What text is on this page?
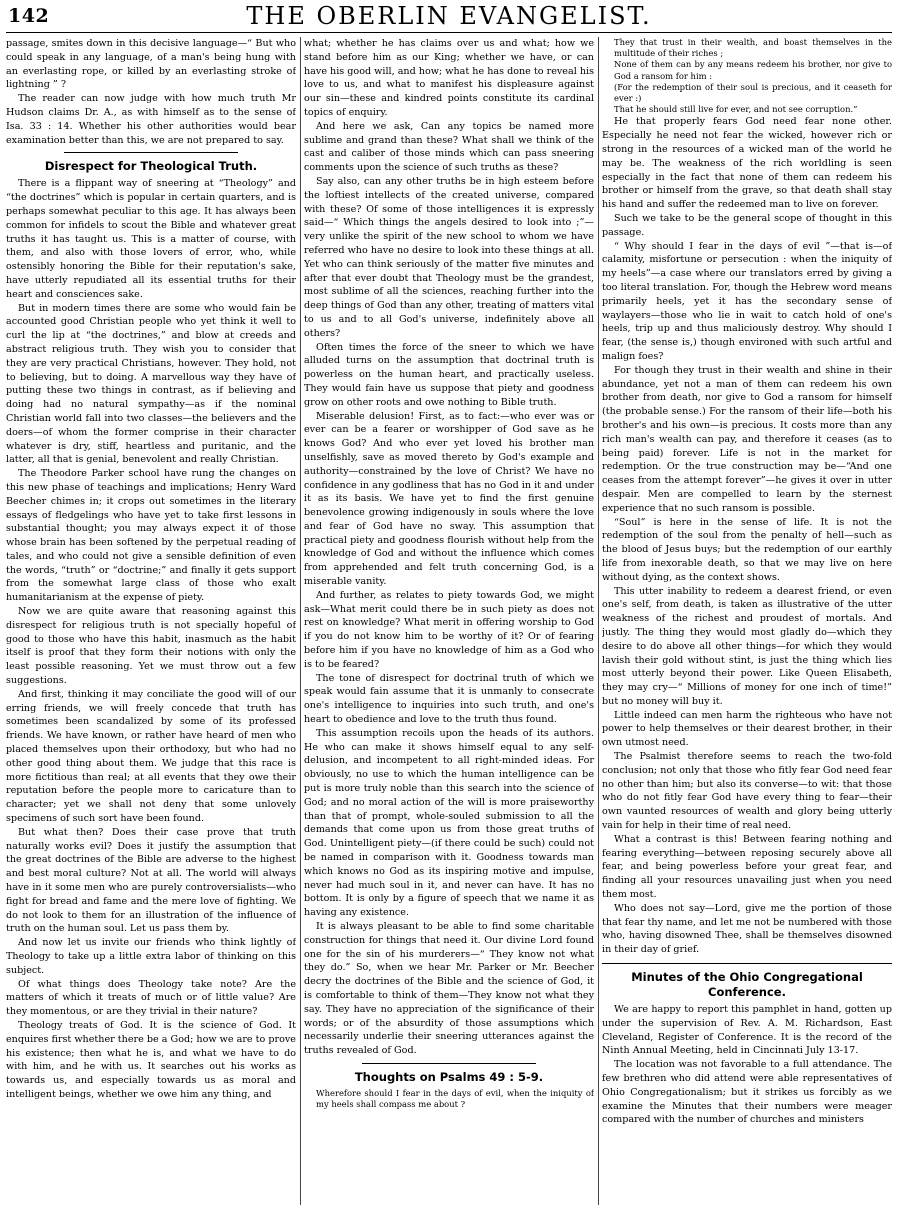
142	THE OBERLIN EVANGELIST.

passage, smites down in this decisive language—“ But who could speak in any language, of a man's being hung with an everlasting rope, or killed by an everlasting stroke of lightning ” ?

The reader can now judge with how much truth Mr Hudson claims Dr. A., as with himself as to the sense of Isa. 33 : 14. Whether his other authorities would bear examination better than this, we are not prepared to say.

Disrespect for Theological Truth.

There is a flippant way of sneering at “Theology” and “the doctrines” which is popular in certain quarters, and is perhaps somewhat peculiar to this age. It has always been common for infidels to scout the Bible and whatever great truths it has taught us. This is a matter of course, with them, and also with those lovers of error, who, while ostensibly honoring the Bible for their reputation's sake, have utterly repudiated all its essential truths for their heart and consciences sake.

But in modern times there are some who would fain be accounted good Christian people who yet think it well to curl the lip at “the doctrines,” and blow at creeds and abstract religious truth. They wish you to consider that they are very practical Christians, however. They hold, not to believing, but to doing. A marvellous way they have of putting these two things in contrast, as if believing and doing had no natural sympathy—as if the nominal Christian world fall into two classes—the believers and the doers—of whom the former comprise in their character whatever is dry, stiff, heartless and puritanic, and the latter, all that is genial, benevolent and really Christian.

The Theodore Parker school have rung the changes on this new phase of teachings and implications; Henry Ward Beecher chimes in; it crops out sometimes in the literary essays of fledgelings who have yet to take first lessons in substantial thought; you may always expect it of those whose brain has been softened by the perpetual reading of tales, and who could not give a sensible definition of even the words, “truth” or “doctrine;” and finally it gets support from the somewhat large class of those who exalt humanitarianism at the expense of piety.

Now we are quite aware that reasoning against this disrespect for religious truth is not specially hopeful of good to those who have this habit, inasmuch as the habit itself is proof that they form their notions with only the least possible reasoning. Yet we must throw out a few suggestions.

And first, thinking it may conciliate the good will of our erring friends, we will freely concede that truth has sometimes been scandalized by some of its professed friends. We have known, or rather have heard of men who placed themselves upon their orthodoxy, but who had no other good thing about them. We judge that this race is more fictitious than real; at all events that they owe their reputation before the people more to caricature than to character; yet we shall not deny that some unlovely specimens of such sort have been found.

But what then? Does their case prove that truth naturally works evil? Does it justify the assumption that the great doctrines of the Bible are adverse to the highest and best moral culture? Not at all. The world will always have in it some men who are purely controversialists—who fight for bread and fame and the mere love of fighting. We do not look to them for an illustration of the influence of truth on the human soul. Let us pass them by.

And now let us invite our friends who think lightly of Theology to take up a little extra labor of thinking on this subject.

Of what things does Theology take note? Are the matters of which it treats of much or of little value? Are they momentous, or are they trivial in their nature?

Theology treats of God. It is the science of God. It enquires first whether there be a God; how we are to prove his existence; then what he is, and what we have to do with him, and he with us. It searches out his works as towards us, and especially towards us as moral and intelligent beings, whether we owe him any thing, and

what; whether he has claims over us and what; how we stand before him as our King; whether we have, or can have his good will, and how; what he has done to reveal his love to us, and what to manifest his displeasure against our sin—these and kindred points constitute its cardinal topics of enquiry.

And here we ask, Can any topics be named more sublime and grand than these? What shall we think of the cast and caliber of those minds which can pass sneering comments upon the science of such truths as these?

Say also, can any other truths be in high esteem before the loftiest intellects of the created universe, compared with these? Of some of those intelligences it is expressly said—“ Which things the angels desired to look into ;”—very unlike the spirit of the new school to whom we have referred who have no desire to look into these things at all. Yet who can think seriously of the matter five minutes and after that ever doubt that Theology must be the grandest, most sublime of all the sciences, reaching further into the deep things of God than any other, treating of matters vital to us and to all God's universe, indefinitely above all others?

Often times the force of the sneer to which we have alluded turns on the assumption that doctrinal truth is powerless on the human heart, and practically useless. They would fain have us suppose that piety and goodness grow on other roots and owe nothing to Bible truth.

Miserable delusion! First, as to fact:—who ever was or ever can be a fearer or worshipper of God save as he knows God? And who ever yet loved his brother man unselfishly, save as moved thereto by God's example and authority—constrained by the love of Christ? We have no confidence in any godliness that has no God in it and under it as its basis. We have yet to find the first genuine benevolence growing indigenously in souls where the love and fear of God have no sway. This assumption that practical piety and goodness flourish without help from the knowledge of God and without the influence which comes from apprehended and felt truth concerning God, is a miserable vanity.

And further, as relates to piety towards God, we might ask—What merit could there be in such piety as does not rest on knowledge? What merit in offering worship to God if you do not know him to be worthy of it? Or of fearing before him if you have no knowledge of him as a God who is to be feared?

The tone of disrespect for doctrinal truth of which we speak would fain assume that it is unmanly to consecrate one's intelligence to inquiries into such truth, and one's heart to obedience and love to the truth thus found.

This assumption recoils upon the heads of its authors. He who can make it shows himself equal to any self-delusion, and incompetent to all right-minded ideas. For obviously, no use to which the human intelligence can be put is more truly noble than this search into the science of God; and no moral action of the will is more praiseworthy than that of prompt, whole-souled submission to all the demands that come upon us from those great truths of God. Unintelligent piety—(if there could be such) could not be named in comparison with it. Goodness towards man which knows no God as its inspiring motive and impulse, never had much soul in it, and never can have. It has no bottom. It is only by a figure of speech that we name it as having any existence.

It is always pleasant to be able to find some charitable construction for things that need it. Our divine Lord found one for the sin of his murderers—“ They know not what they do.” So, when we hear Mr. Parker or Mr. Beecher decry the doctrines of the Bible and the science of God, it is comfortable to think of them—They know not what they say. They have no appreciation of the significance of their words; or of the absurdity of those assumptions which necessarily underlie their sneering utterances against the truths revealed of God.

Thoughts on Psalms 49 : 5-9.

Wherefore should I fear in the days of evil, when the iniquity of my heels shall compass me about ?

They that trust in their wealth, and boast themselves in the multitude of their riches ;

None of them can by any means redeem his brother, nor give to God a ransom for him :

(For the redemption of their soul is precious, and it ceaseth for ever :)

That he should still live for ever, and not see corruption.”

He that properly fears God need fear none other. Especially he need not fear the wicked, however rich or strong in the resources of a wicked man of the world he may be. The weakness of the rich worldling is seen especially in the fact that none of them can redeem his brother or himself from the grave, so that death shall stay his hand and suffer the redeemed man to live on forever.

Such we take to be the general scope of thought in this passage.

“ Why should I fear in the days of evil ”—that is—of calamity, misfortune or persecution : when the iniquity of my heels”—a case where our translators erred by giving a too literal translation. For, though the Hebrew word means primarily heels, yet it has the secondary sense of waylayers—those who lie in wait to catch hold of one's heels, trip up and thus maliciously destroy. Why should I fear, (the sense is,) though environed with such artful and malign foes?

For though they trust in their wealth and shine in their abundance, yet not a man of them can redeem his own brother from death, nor give to God a ransom for himself (the probable sense.) For the ransom of their life—both his brother's and his own—is precious. It costs more than any rich man's wealth can pay, and therefore it ceases (as to being paid) forever. Life is not in the market for redemption. Or the true construction may be—“And one ceases from the attempt forever”—he gives it over in utter despair. Men are compelled to learn by the sternest experience that no such ransom is possible.

“Soul” is here in the sense of life. It is not the redemption of the soul from the penalty of hell—such as the blood of Jesus buys; but the redemption of our earthly life from inexorable death, so that we may live on here without dying, as the context shows.

This utter inability to redeem a dearest friend, or even one's self, from death, is taken as illustrative of the utter weakness of the richest and proudest of mortals. And justly. The thing they would most gladly do—which they desire to do above all other things—for which they would lavish their gold without stint, is just the thing which lies most utterly beyond their power. Like Queen Elisabeth, they may cry—“ Millions of money for one inch of time!” but no money will buy it.

Little indeed can men harm the righteous who have not power to help themselves or their dearest brother, in their own utmost need.

The Psalmist therefore seems to reach the two-fold conclusion; not only that those who fitly fear God need fear no other than him; but also its converse—to wit: that those who do not fitly fear God have every thing to fear—their own vaunted resources of wealth and glory being utterly vain for help in their time of real need.

What a contrast is this! Between fearing nothing and fearing everything—between reposing securely above all fear, and being powerless before your great fear, and finding all your resources unavailing just when you need them most.

Who does not say—Lord, give me the portion of those that fear thy name, and let me not be numbered with those who, having disowned Thee, shall be themselves disowned in their day of grief.

Minutes of the Ohio Congregational Conference.

We are happy to report this pamphlet in hand, gotten up under the supervision of Rev. A. M. Richardson, East Cleveland, Register of Conference. It is the record of the Ninth Annual Meeting, held in Cincinnati July 13-17.

The location was not favorable to a full attendance. The few brethren who did attend were able representatives of Ohio Congregationalism; but it strikes us forcibly as we examine the Minutes that their numbers were meager compared with the number of churches and ministers
